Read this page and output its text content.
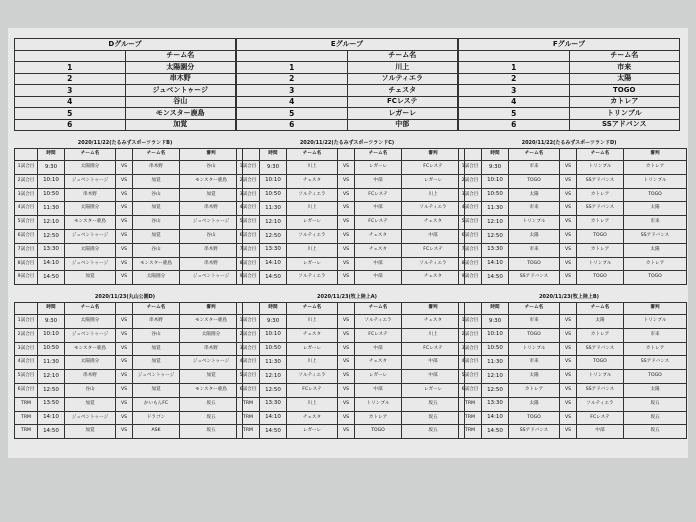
Dグループ	
	チーム名
1	太陽園分
2	串木野
3	ジュベントゥージ
4	谷山
5	モンスター鹿島
6	加覚
Eグループ	
	チーム名
1	川上
2	ソルティエラ
3	チェスタ
4	FCレステ
5	レガーレ
6	中部
Fグループ	
	チーム名
1	市来
2	太陽
3	TOGO
4	カトレア
5	トリンブル
6	SSアドバンス
2020/11/22(たるみずスポーツランドB)	2020/11/22(たるみずスポーツランドC)	2020/11/22(たるみずスポーツランドD)
	時間	チーム名		チーム名	審判
1試合目	9:30	太陽園分	VS	串木野	谷山
2試合目	10:10	ジュベントゥージ	VS	加覚	モンスター鹿島
3試合目	10:50	串木野	VS	谷山	加覚
4試合目	11:30	太陽園分	VS	加覚	串木野
5試合目	12:10	モンスター鹿島	VS	谷山	ジュベントゥージ
6試合目	12:50	ジュベントゥージ	VS	加覚	谷山
7試合目	13:30	太陽園分	VS	谷山	串木野
8試合目	14:10	ジュベントゥージ	VS	モンスター鹿島	串木野
9試合目	14:50	加覚	VS	太陽園分	ジュベントゥージ
	時間	チーム名		チーム名	審判
1試合目	9:30	川上	VS	レガーレ	FCレステ
2試合目	10:10	チェスタ	VS	中部	レガーレ
3試合目	10:50	ソルティエラ	VS	FCレステ	川上
4試合目	11:30	川上	VS	中部	ソルティエラ
5試合目	12:10	レガーレ	VS	FCレステ	チェスタ
6試合目	12:50	ソルティエラ	VS	チェスタ	中部
7試合目	13:30	川上	VS	チェスタ	FCレステ
8試合目	14:10	レガーレ	VS	中部	ソルティエラ
9試合目	14:50	ソルティエラ	VS	中部	チェスタ
	時間	チーム名		チーム名	審判
1試合目	9:30	市来	VS	トリンブル	カトレア
2試合目	10:10	TOGO	VS	SSアドバンス	トリンブル
3試合目	10:50	太陽	VS	カトレア	TOGO
4試合目	11:30	市来	VS	SSアドバンス	太陽
5試合目	12:10	トリンブル	VS	カトレア	市来
6試合目	12:50	太陽	VS	TOGO	SSアドバンス
7試合目	13:30	市来	VS	カトレア	太陽
8試合目	14:10	TOGO	VS	トリンブル	カトレア
9試合目	14:50	SSアドバンス	VS	TOGO	TOGO
2020/11/23(丸山公園D)	2020/11/23(牧上陸上A)	2020/11/23(牧上陸上B)
	時間	チーム名		チーム名	審判
1試合目	9:30	太陽園分	VS	串木野	モンスター鹿島
2試合目	10:10	ジュベントゥージ	VS	谷山	太陽園分
3試合目	10:50	モンスター鹿島	VS	加覚	串木野
4試合目	11:30	太陽園分	VS	加覚	ジュベントゥージ
5試合目	12:10	串木野	VS	ジュベントゥージ	加覚
6試合目	12:50	谷山	VS	加覚	モンスター鹿島
TRM	13:50	加覚	VS	かいもんFC	坂五
TRM	14:10	ジュベントゥージ	VS	ドラゴン	坂五
TRM	14:50	加覚	VS	ASK	坂五
	時間	チーム名		チーム名	審判
1試合目	9:30	川上	VS	ソルティエラ	チェスタ
2試合目	10:10	チェスタ	VS	FCレステ	川上
3試合目	10:50	レガーレ	VS	中部	FCレステ
4試合目	11:30	川上	VS	チェスタ	中部
5試合目	12:10	ソルティエラ	VS	レガーレ	中部
6試合目	12:50	FCレステ	VS	中部	レガーレ
TRM	13:30	川上	VS	トリンブル	坂五
TRM	14:10	チェスタ	VS	カトレア	坂五
TRM	14:50	レガーレ	VS	TOGO	坂五
	時間	チーム名		チーム名	審判
1試合目	9:30	市来	VS	太陽	トリンブル
2試合目	10:10	TOGO	VS	カトレア	市来
3試合目	10:50	トリンブル	VS	SSアドバンス	カトレア
4試合目	11:30	市来	VS	TOGO	SSアドバンス
5試合目	12:10	太陽	VS	トリンブル	TOGO
6試合目	12:50	カトレア	VS	SSアドバンス	太陽
TRM	13:30	太陽	VS	ソルティエラ	坂五
TRM	14:10	TOGO	VS	FCレステ	坂五
TRM	14:50	SSアドバンス	VS	中部	坂五
